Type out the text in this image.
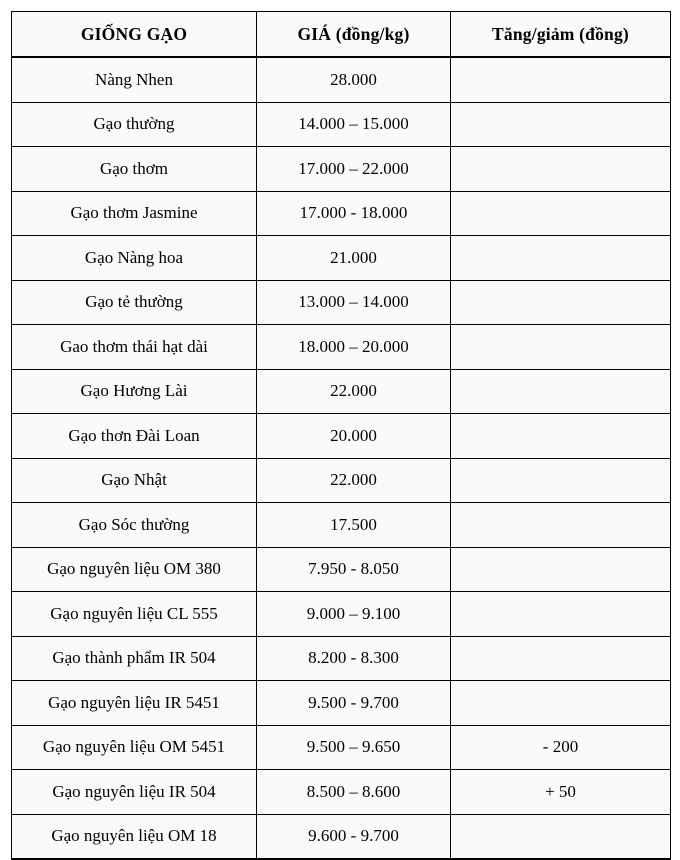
GIỐNG GẠO	GIÁ (đồng/kg)	Tăng/giảm (đồng)
Nàng Nhen	28.000	
Gạo thường	14.000 – 15.000	
Gạo thơm	17.000 – 22.000	
Gạo thơm Jasmine	17.000 - 18.000	
Gạo Nàng hoa	21.000	
Gạo tẻ thường	13.000 – 14.000	
Gao thơm thái hạt dài	18.000 – 20.000	
Gạo Hương Lài	22.000	
Gạo thơn Đài Loan	20.000	
Gạo Nhật	22.000	
Gạo Sóc thường	17.500	
Gạo nguyên liệu OM 380	7.950 - 8.050	
Gạo nguyên liệu CL 555	9.000 – 9.100	
Gạo thành phẩm IR 504	8.200 - 8.300	
Gạo nguyên liệu IR 5451	9.500 - 9.700	
Gạo nguyên liệu OM 5451	9.500 – 9.650	- 200
Gạo nguyên liệu IR 504	8.500 – 8.600	+ 50
Gạo nguyên liệu OM 18	9.600 - 9.700	
